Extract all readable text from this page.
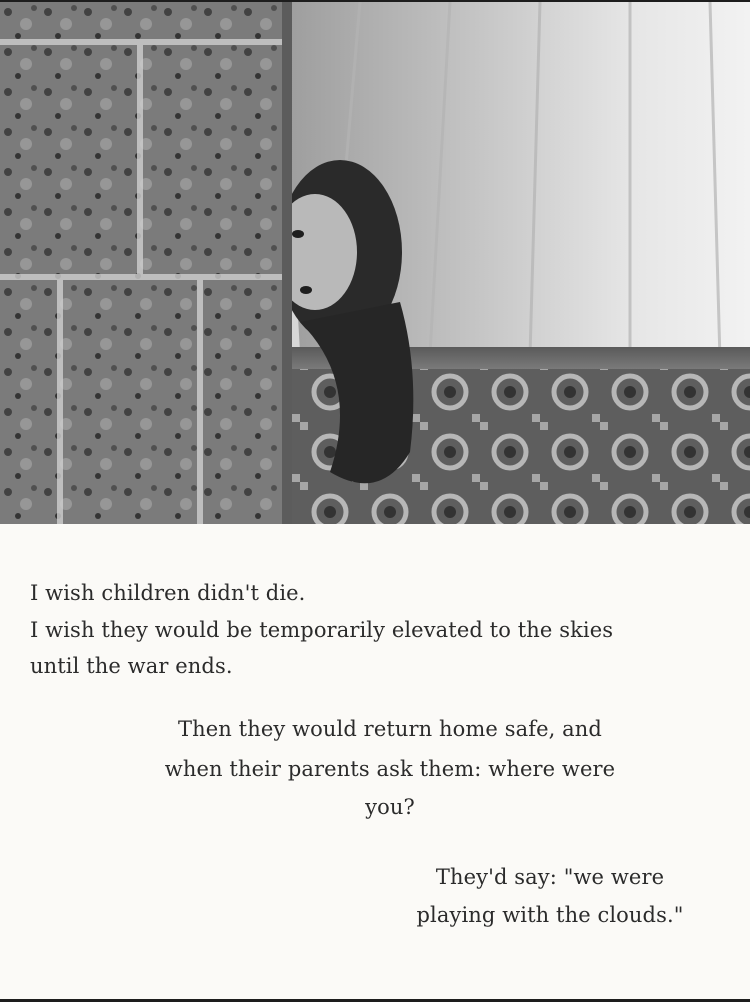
I wish children didn't die.
I wish they would be temporarily elevated to the skies
until the war ends.
Then they would return home safe, and
when their parents ask them: where were
you?
They'd say: "we were
playing with the clouds."
